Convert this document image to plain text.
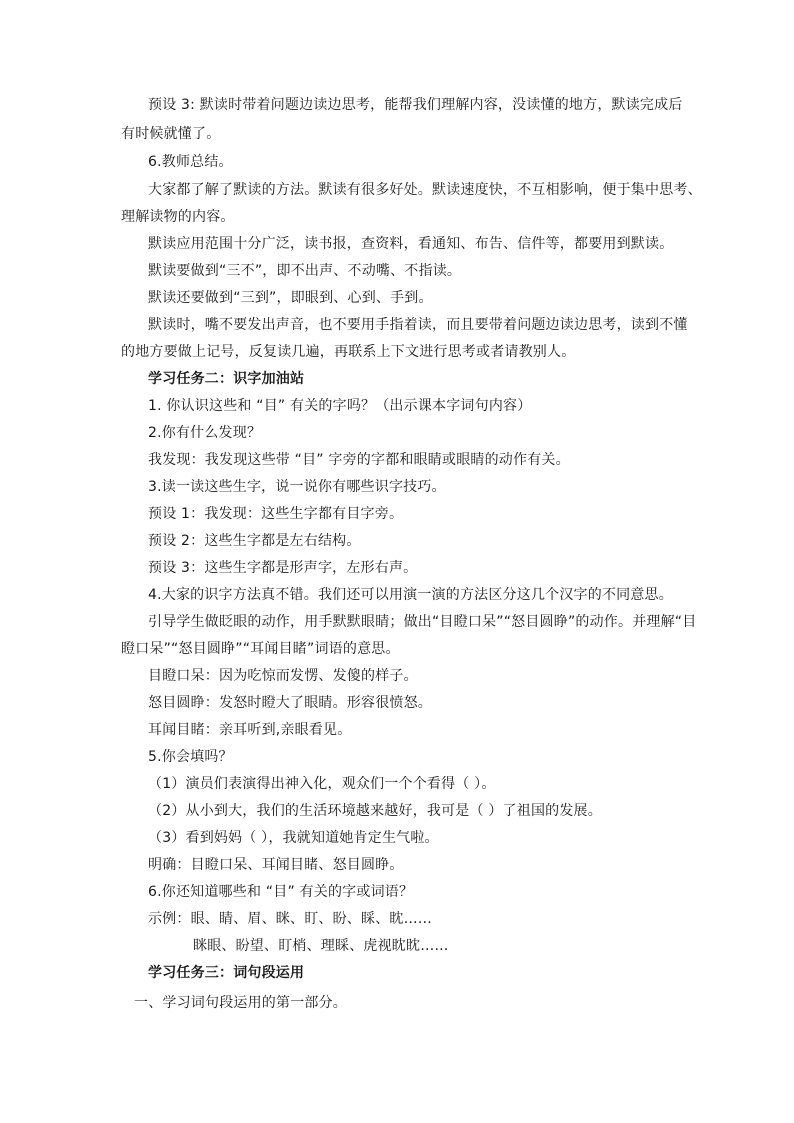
预设 3: 默读时带着问题边读边思考，能帮我们理解内容，没读懂的地方，默读完成后
有时候就懂了。
6.教师总结。
大家都了解了默读的方法。默读有很多好处。默读速度快，不互相影响，便于集中思考、
理解读物的内容。
默读应用范围十分广泛，读书报，查资料，看通知、布告、信件等，都要用到默读。
默读要做到“三不”，即不出声、不动嘴、不指读。
默读还要做到“三到”，即眼到、心到、手到。
默读时，嘴不要发出声音，也不要用手指着读，而且要带着问题边读边思考，读到不懂
的地方要做上记号，反复读几遍，再联系上下文进行思考或者请教别人。
学习任务二：识字加油站
1. 你认识这些和 “目” 有关的字吗？（出示课本字词句内容）
2.你有什么发现？
我发现：我发现这些带 “目” 字旁的字都和眼睛或眼睛的动作有关。
3.读一读这些生字，说一说你有哪些识字技巧。
预设 1：我发现：这些生字都有目字旁。
预设 2：这些生字都是左右结构。
预设 3：这些生字都是形声字，左形右声。
4.大家的识字方法真不错。我们还可以用演一演的方法区分这几个汉字的不同意思。
引导学生做眨眼的动作，用手默默眼睛；做出“目瞪口呆”“怒目圆睁”的动作。并理解“目
瞪口呆”“怒目圆睁”“耳闻目睹”词语的意思。
目瞪口呆：因为吃惊而发愣、发傻的样子。
怒目圆睁：发怒时瞪大了眼睛。形容很愤怒。
耳闻目睹：亲耳听到,亲眼看见。
5.你会填吗？
（1）演员们表演得出神入化，观众们一个个看得（ ）。
（2）从小到大，我们的生活环境越来越好，我可是（ ）了祖国的发展。
（3）看到妈妈（ ），我就知道她肯定生气啦。
明确：目瞪口呆、耳闻目睹、怒目圆睁。
6.你还知道哪些和 “目” 有关的字或词语？
示例：眼、睛、眉、眯、盯、盼、睬、眈……
眯眼、盼望、盯梢、理睬、虎视眈眈……
学习任务三：词句段运用
一、学习词句段运用的第一部分。
